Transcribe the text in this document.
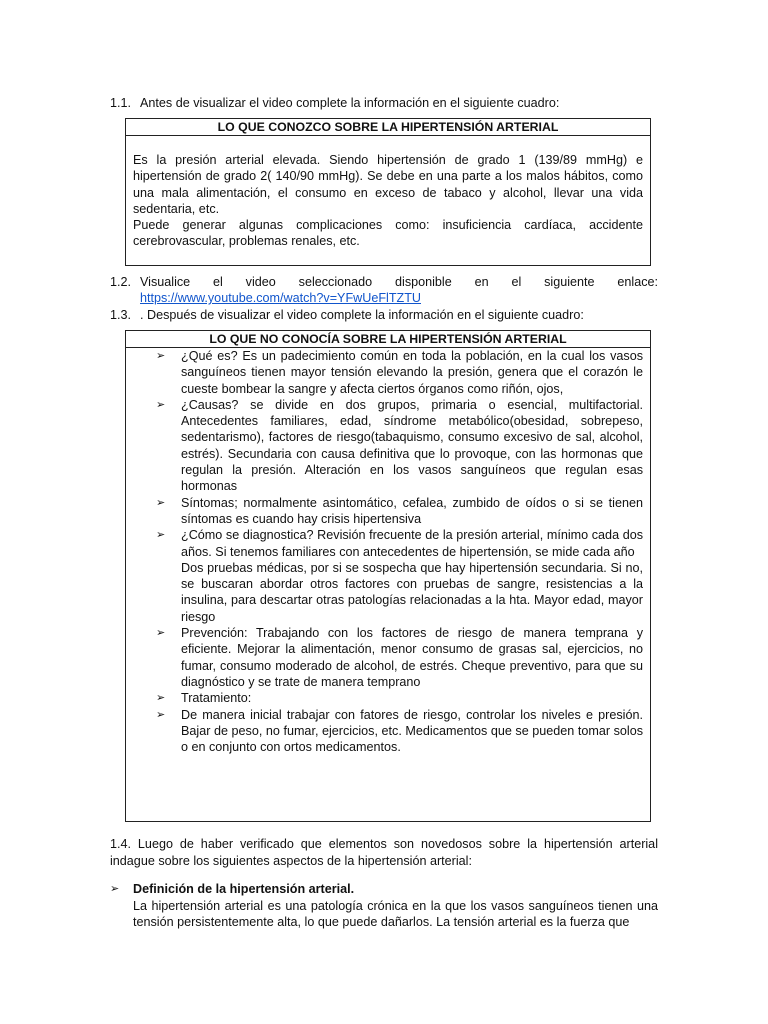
1.1. Antes de visualizar el video complete la información en el siguiente cuadro:
LO QUE CONOZCO SOBRE LA HIPERTENSIÓN ARTERIAL

Es la presión arterial elevada. Siendo hipertensión de grado 1 (139/89 mmHg) e hipertensión de grado 2( 140/90 mmHg). Se debe en una parte a los malos hábitos, como una mala alimentación, el consumo en exceso de tabaco y alcohol, llevar una vida sedentaria, etc.

Puede generar algunas complicaciones como: insuficiencia cardíaca, accidente cerebrovascular, problemas renales, etc.

1.2. Visualice el video seleccionado disponible en el siguiente enlace:
https://www.youtube.com/watch?v=YFwUeFlTZTU
1.3. . Después de visualizar el video complete la información en el siguiente cuadro:
LO QUE NO CONOCÍA SOBRE LA HIPERTENSIÓN ARTERIAL
➢ ¿Qué es? Es un padecimiento común en toda la población, en la cual los vasos sanguíneos tienen mayor tensión elevando la presión, genera que el corazón le cueste bombear la sangre y afecta ciertos órganos como riñón, ojos,
➢ ¿Causas? se divide en dos grupos, primaria o esencial, multifactorial. Antecedentes familiares, edad, síndrome metabólico(obesidad, sobrepeso, sedentarismo), factores de riesgo(tabaquismo, consumo excesivo de sal, alcohol, estrés). Secundaria con causa definitiva que lo provoque, con las hormonas que regulan la presión. Alteración en los vasos sanguíneos que regulan esas hormonas
➢ Síntomas; normalmente asintomático, cefalea, zumbido de oídos o si se tienen síntomas es cuando hay crisis hipertensiva
➢ ¿Cómo se diagnostica? Revisión frecuente de la presión arterial, mínimo cada dos años. Si tenemos familiares con antecedentes de hipertensión, se mide cada año
Dos pruebas médicas, por si se sospecha que hay hipertensión secundaria. Si no, se buscaran abordar otros factores con pruebas de sangre, resistencias a la insulina, para descartar otras patologías relacionadas a la hta. Mayor edad, mayor riesgo
➢ Prevención: Trabajando con los factores de riesgo de manera temprana y eficiente. Mejorar la alimentación, menor consumo de grasas sal, ejercicios, no fumar, consumo moderado de alcohol, de estrés. Cheque preventivo, para que su diagnóstico y se trate de manera temprano
➢ Tratamiento:
➢ De manera inicial trabajar con fatores de riesgo, controlar los niveles e presión. Bajar de peso, no fumar, ejercicios, etc. Medicamentos que se pueden tomar solos o en conjunto con ortos medicamentos.
1.4. Luego de haber verificado que elementos son novedosos sobre la hipertensión arterial indague sobre los siguientes aspectos de la hipertensión arterial:
➢ Definición de la hipertensión arterial.
La hipertensión arterial es una patología crónica en la que los vasos sanguíneos tienen una tensión persistentemente alta, lo que puede dañarlos. La tensión arterial es la fuerza que
